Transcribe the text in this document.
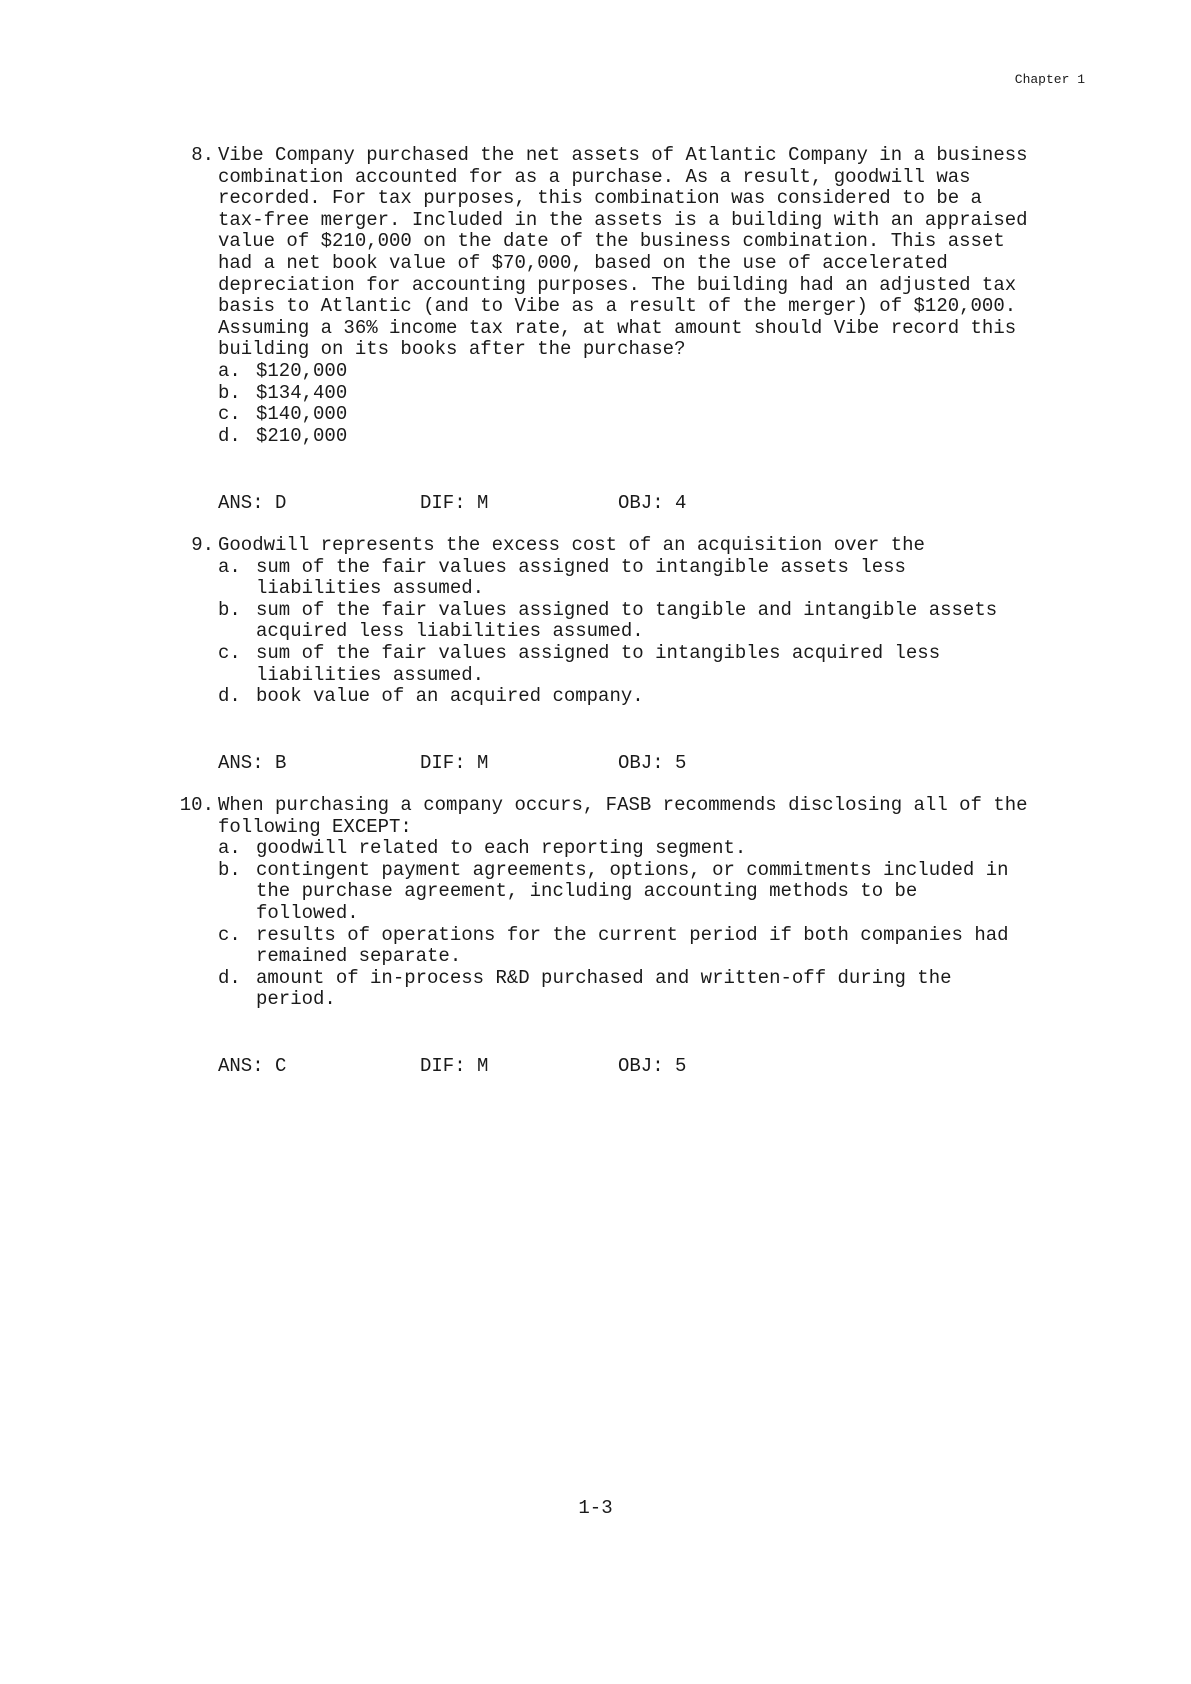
Chapter 1
8. Vibe Company purchased the net assets of Atlantic Company in a business
combination accounted for as a purchase. As a result, goodwill was
recorded. For tax purposes, this combination was considered to be a
tax-free merger. Included in the assets is a building with an appraised
value of $210,000 on the date of the business combination. This asset
had a net book value of $70,000, based on the use of accelerated
depreciation for accounting purposes. The building had an adjusted tax
basis to Atlantic (and to Vibe as a result of the merger) of $120,000.
Assuming a 36% income tax rate, at what amount should Vibe record this
building on its books after the purchase?
a. $120,000
b. $134,400
c. $140,000
d. $210,000
ANS: D	DIF: M	OBJ: 4
9. Goodwill represents the excess cost of an acquisition over the
a. sum of the fair values assigned to intangible assets less
liabilities assumed.
b. sum of the fair values assigned to tangible and intangible assets
acquired less liabilities assumed.
c. sum of the fair values assigned to intangibles acquired less
liabilities assumed.
d. book value of an acquired company.
ANS: B	DIF: M	OBJ: 5
10. When purchasing a company occurs, FASB recommends disclosing all of the
following EXCEPT:
a. goodwill related to each reporting segment.
b. contingent payment agreements, options, or commitments included in
the purchase agreement, including accounting methods to be
followed.
c. results of operations for the current period if both companies had
remained separate.
d. amount of in-process R&D purchased and written-off during the
period.
ANS: C	DIF: M	OBJ: 5
1-3
